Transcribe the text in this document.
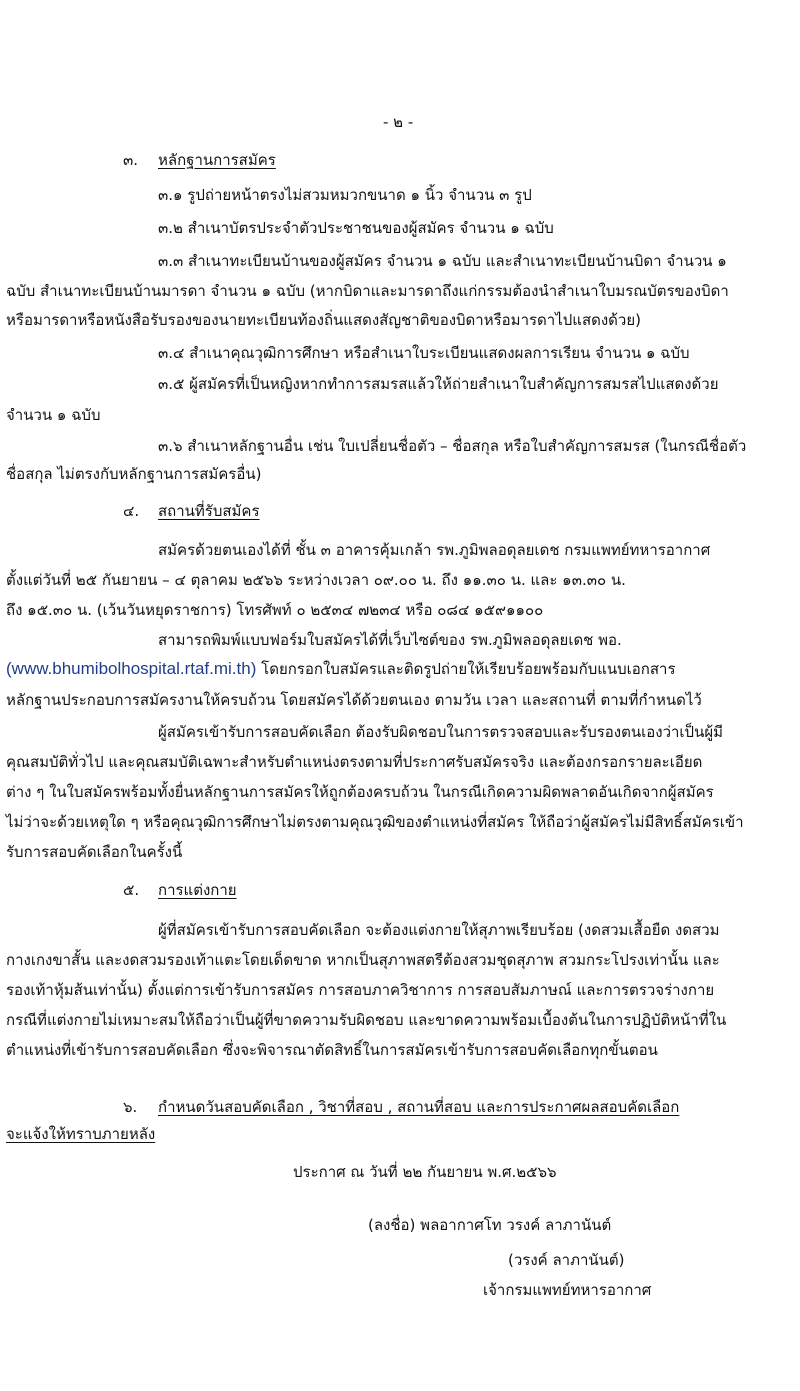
- ๒ -
๓. หลักฐานการสมัคร
๓.๑ รูปถ่ายหน้าตรงไม่สวมหมวกขนาด ๑ นิ้ว จำนวน ๓ รูป
๓.๒ สำเนาบัตรประจำตัวประชาชนของผู้สมัคร จำนวน ๑ ฉบับ
๓.๓ สำเนาทะเบียนบ้านของผู้สมัคร จำนวน ๑ ฉบับ และสำเนาทะเบียนบ้านบิดา จำนวน ๑
ฉบับ สำเนาทะเบียนบ้านมารดา จำนวน ๑ ฉบับ (หากบิดาและมารดาถึงแก่กรรมต้องนำสำเนาใบมรณบัตรของบิดา
หรือมารดาหรือหนังสือรับรองของนายทะเบียนท้องถิ่นแสดงสัญชาติของบิดาหรือมารดาไปแสดงด้วย)
๓.๔ สำเนาคุณวุฒิการศึกษา หรือสำเนาใบระเบียนแสดงผลการเรียน จำนวน ๑ ฉบับ
๓.๕ ผู้สมัครที่เป็นหญิงหากทำการสมรสแล้วให้ถ่ายสำเนาใบสำคัญการสมรสไปแสดงด้วย
จำนวน ๑ ฉบับ
๓.๖ สำเนาหลักฐานอื่น เช่น ใบเปลี่ยนชื่อตัว – ชื่อสกุล หรือใบสำคัญการสมรส (ในกรณีชื่อตัว
ชื่อสกุล ไม่ตรงกับหลักฐานการสมัครอื่น)
๔. สถานที่รับสมัคร
สมัครด้วยตนเองได้ที่ ชั้น ๓ อาคารคุ้มเกล้า รพ.ภูมิพลอดุลยเดช กรมแพทย์ทหารอากาศ
ตั้งแต่วันที่ ๒๕ กันยายน – ๔ ตุลาคม ๒๕๖๖ ระหว่างเวลา ๐๙.๐๐ น. ถึง ๑๑.๓๐ น. และ ๑๓.๓๐ น.
ถึง ๑๕.๓๐ น. (เว้นวันหยุดราชการ) โทรศัพท์ ๐ ๒๕๓๔ ๗๒๓๔ หรือ ๐๘๔ ๑๕๙๑๑๐๐
สามารถพิมพ์แบบฟอร์มใบสมัครได้ที่เว็บไซต์ของ รพ.ภูมิพลอดุลยเดช พอ.
(www.bhumibolhospital.rtaf.mi.th) โดยกรอกใบสมัครและติดรูปถ่ายให้เรียบร้อยพร้อมกับแนบเอกสาร
หลักฐานประกอบการสมัครงานให้ครบถ้วน โดยสมัครได้ด้วยตนเอง ตามวัน เวลา และสถานที่ ตามที่กำหนดไว้
ผู้สมัครเข้ารับการสอบคัดเลือก ต้องรับผิดชอบในการตรวจสอบและรับรองตนเองว่าเป็นผู้มี
คุณสมบัติทั่วไป และคุณสมบัติเฉพาะสำหรับตำแหน่งตรงตามที่ประกาศรับสมัครจริง และต้องกรอกรายละเอียด
ต่าง ๆ ในใบสมัครพร้อมทั้งยื่นหลักฐานการสมัครให้ถูกต้องครบถ้วน ในกรณีเกิดความผิดพลาดอันเกิดจากผู้สมัคร
ไม่ว่าจะด้วยเหตุใด ๆ หรือคุณวุฒิการศึกษาไม่ตรงตามคุณวุฒิของตำแหน่งที่สมัคร ให้ถือว่าผู้สมัครไม่มีสิทธิ์สมัครเข้า
รับการสอบคัดเลือกในครั้งนี้
๕. การแต่งกาย
ผู้ที่สมัครเข้ารับการสอบคัดเลือก จะต้องแต่งกายให้สุภาพเรียบร้อย (งดสวมเสื้อยืด งดสวม
กางเกงขาสั้น และงดสวมรองเท้าแตะโดยเด็ดขาด หากเป็นสุภาพสตรีต้องสวมชุดสุภาพ สวมกระโปรงเท่านั้น และ
รองเท้าหุ้มส้นเท่านั้น) ตั้งแต่การเข้ารับการสมัคร การสอบภาควิชาการ การสอบสัมภาษณ์ และการตรวจร่างกาย
กรณีที่แต่งกายไม่เหมาะสมให้ถือว่าเป็นผู้ที่ขาดความรับผิดชอบ และขาดความพร้อมเบื้องต้นในการปฏิบัติหน้าที่ใน
ตำแหน่งที่เข้ารับการสอบคัดเลือก ซึ่งจะพิจารณาตัดสิทธิ์ในการสมัครเข้ารับการสอบคัดเลือกทุกขั้นตอน
๖. กำหนดวันสอบคัดเลือก , วิชาที่สอบ , สถานที่สอบ และการประกาศผลสอบคัดเลือก
จะแจ้งให้ทราบภายหลัง
ประกาศ ณ วันที่ ๒๒ กันยายน พ.ศ.๒๕๖๖
(ลงชื่อ) พลอากาศโท วรงค์ ลาภานันต์
(วรงค์ ลาภานันต์)
เจ้ากรมแพทย์ทหารอากาศ
